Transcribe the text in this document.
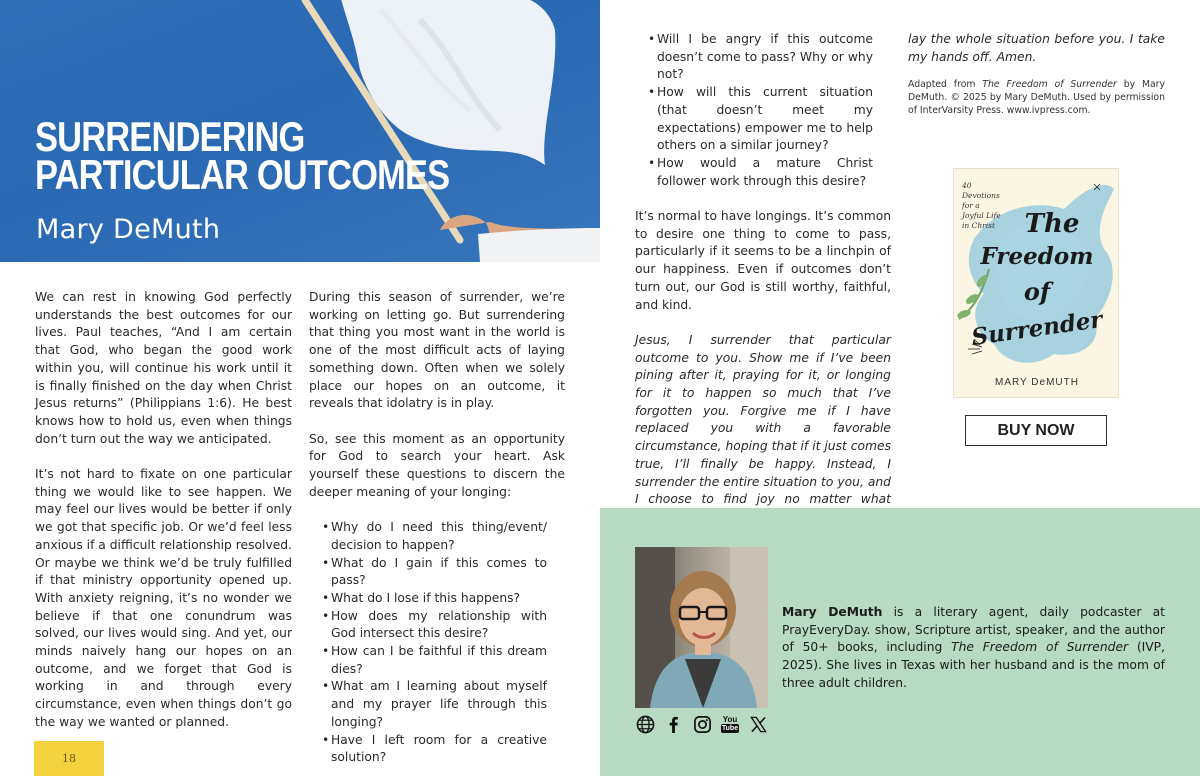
SURRENDERING
PARTICULAR OUTCOMES
Mary DeMuth

We can rest in knowing God perfectly understands the best outcomes for our lives. Paul teaches, “And I am certain that God, who began the good work within you, will continue his work until it is finally finished on the day when Christ Jesus returns” (Philippians 1:6). He best knows how to hold us, even when things don’t turn out the way we anticipated.

It’s not hard to fixate on one particular thing we would like to see happen. We may feel our lives would be better if only we got that specific job. Or we’d feel less anxious if a difficult relationship resolved. Or maybe we think we’d be truly fulfilled if that ministry opportunity opened up. With anxiety reigning, it’s no wonder we believe if that one conundrum was solved, our lives would sing. And yet, our minds naively hang our hopes on an outcome, and we forget that God is working in and through every circumstance, even when things don’t go the way we wanted or planned.

During this season of surrender, we’re working on letting go. But surrendering that thing you most want in the world is one of the most difficult acts of laying something down. Often when we solely place our hopes on an outcome, it reveals that idolatry is in play.

So, see this moment as an opportunity for God to search your heart. Ask yourself these questions to discern the deeper meaning of your longing:

• Why do I need this thing/event/ decision to happen?
• What do I gain if this comes to pass?
• What do I lose if this happens?
• How does my relationship with God intersect this desire?
• How can I be faithful if this dream dies?
• What am I learning about myself and my prayer life through this longing?
• Have I left room for a creative solution?
• Will I be angry if this outcome doesn’t come to pass? Why or why not?
• How will this current situation (that doesn’t meet my expectations) empower me to help others on a similar journey?
• How would a mature Christ follower work through this desire?

It’s normal to have longings. It’s common to desire one thing to come to pass, particularly if it seems to be a linchpin of our happiness. Even if outcomes don’t turn out, our God is still worthy, faithful, and kind.

Jesus, I surrender that particular outcome to you. Show me if I’ve been pining after it, praying for it, or longing for it to happen so much that I’ve forgotten you. Forgive me if I have replaced you with a favorable circumstance, hoping that if it just comes true, I’ll finally be happy. Instead, I surrender the entire situation to you, and I choose to find joy no matter what

lay the whole situation before you. I take my hands off. Amen.

Adapted from The Freedom of Surrender by Mary DeMuth. © 2025 by Mary DeMuth. Used by permission of InterVarsity Press. www.ivpress.com.

40
Devotions
for a
Joyful Life
in Christ	The
Freedom
of
Surrender
MARY DeMUTH
BUY NOW
You
Tube
Mary DeMuth is a literary agent, daily podcaster at PrayEveryDay. show, Scripture artist, speaker, and the author of 50+ books, including The Freedom of Surrender (IVP, 2025). She lives in Texas with her husband and is the mom of three adult children.
18
